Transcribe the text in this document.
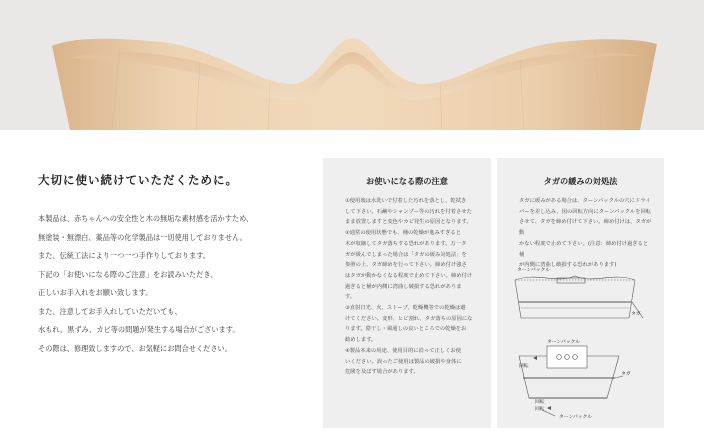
大切に使い続けていただくために。

本製品は、赤ちゃんへの安全性と木の無垢な素材感を活かすため、

無塗装・無漂白、薬品等の化学製品は一切使用しておりません。

また、伝統工法により一つ一つ手作りしております。

下記の「お使いになる際のご注意」をお読みいただき、

正しいお手入れをお願い致します。

また、注意してお手入れしていただいても、

水もれ、黒ずみ、カビ等の問題が発生する場合がございます。

その際は、修理致しますので、お気軽にお問合せください。

お使いになる際の注意

①使用後は水洗いで付着した汚れを落とし、乾拭き

して下さい。石鹸やシャンプー等の汚れを付着させた

まま放置しますと変色やカビ発生の原因となります。

②通常の使用状態でも、桶の乾燥が進みすぎると

木が収縮してタガ落ちする恐れがあります。万一タ

ガが緩んでしまった場合は「タガの緩み対処法」を

参照の上、タガ締めを行って下さい。締め付け強さ

はタガが動かなくなる程度で止めて下さい。締め付け

過ぎると桶が内側に湾曲し破損する恐れがありま

す。

③直射日光、火、ストーブ、乾燥機等での乾燥は避

けてください。変形、ヒビ割れ、タガ落ちの原因にな

ります。陰干し・風通しの良いところでの乾燥をお

勧めします。

④製品本来の用途、使用目的に沿って正しくお使

いください。誤ったご使用は製品の破損や身体に

危険を及ぼす場合があります。

タガの緩みの対処法

タガに緩みがある場合は、ターンバックルの穴にドライ

バーを差し込み、図の回転方向にターンバックルを回転

させて、タガを締め付けて下さい。締め付けは、タガが動

かない程度で止めて下さい。(注意：締め付け過ぎると桶

が内側に湾曲し破損する恐れがあります)

ターンバックル
タガ
ターンバックル
回転
タガ
回転
回転
ターンバックル
